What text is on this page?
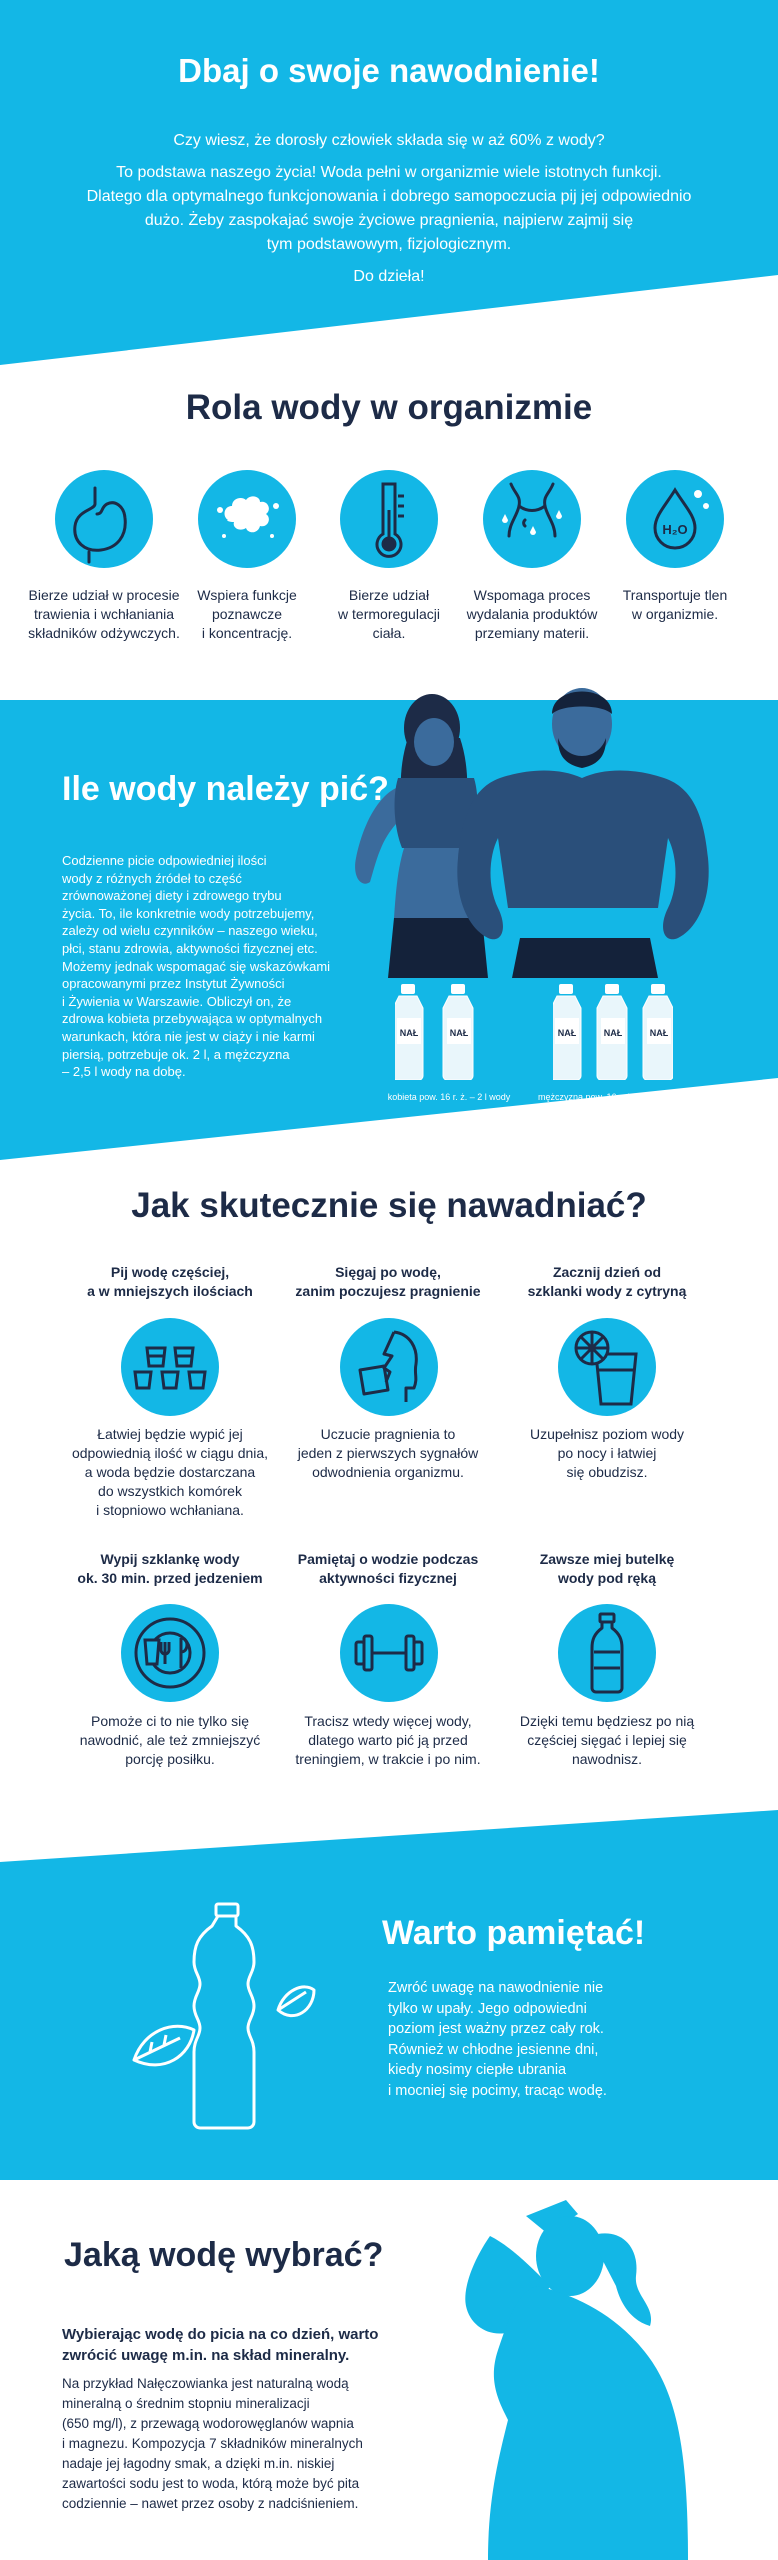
Dbaj o swoje nawodnienie!
Czy wiesz, że dorosły człowiek składa się w aż 60% z wody?
To podstawa naszego życia! Woda pełni w organizmie wiele istotnych funkcji.
Dlatego dla optymalnego funkcjonowania i dobrego samopoczucia pij jej odpowiednio
dużo. Żeby zaspokajać swoje życiowe pragnienia, najpierw zajmij się
tym podstawowym, fizjologicznym.
Do dzieła!
Rola wody w organizmie
H₂O
Bierze udział w procesie
trawienia i wchłaniania
składników odżywczych.
Wspiera funkcje
poznawcze
i koncentrację.
Bierze udział
w termoregulacji
ciała.
Wspomaga proces
wydalania produktów
przemiany materii.
Transportuje tlen
w organizmie.
Ile wody należy pić?
Codzienne picie odpowiedniej ilości
wody z różnych źródeł to część
zrównoważonej diety i zdrowego trybu
życia. To, ile konkretnie wody potrzebujemy,
zależy od wielu czynników – naszego wieku,
płci, stanu zdrowia, aktywności fizycznej etc.
Możemy jednak wspomagać się wskazówkami
opracowanymi przez Instytut Żywności
i Żywienia w Warszawie. Obliczył on, że
zdrowa kobieta przebywająca w optymalnych
warunkach, która nie jest w ciąży i nie karmi
piersią, potrzebuje ok. 2 l, a mężczyzna
– 2,5 l wody na dobę.
NAŁ	NAŁ	NAŁ	NAŁ	NAŁ
kobieta pow. 16 r. ż. – 2 l wody	mężczyzna pow. 16 r. ż. – 2,5 l wody
Jak skutecznie się nawadniać?
Pij wodę częściej,
a w mniejszych ilościach
Sięgaj po wodę,
zanim poczujesz pragnienie
Zacznij dzień od
szklanki wody z cytryną
Łatwiej będzie wypić jej
odpowiednią ilość w ciągu dnia,
a woda będzie dostarczana
do wszystkich komórek
i stopniowo wchłaniana.
Uczucie pragnienia to
jeden z pierwszych sygnałów
odwodnienia organizmu.
Uzupełnisz poziom wody
po nocy i łatwiej
się obudzisz.
Wypij szklankę wody
ok. 30 min. przed jedzeniem
Pamiętaj o wodzie podczas
aktywności fizycznej
Zawsze miej butelkę
wody pod ręką
Pomoże ci to nie tylko się
nawodnić, ale też zmniejszyć
porcję posiłku.
Tracisz wtedy więcej wody,
dlatego warto pić ją przed
treningiem, w trakcie i po nim.
Dzięki temu będziesz po nią
częściej sięgać i lepiej się
nawodnisz.
Warto pamiętać!
Zwróć uwagę na nawodnienie nie
tylko w upały. Jego odpowiedni
poziom jest ważny przez cały rok.
Również w chłodne jesienne dni,
kiedy nosimy ciepłe ubrania
i mocniej się pocimy, tracąc wodę.
Jaką wodę wybrać?
Wybierając wodę do picia na co dzień, warto
zwrócić uwagę m.in. na skład mineralny.
Na przykład Nałęczowianka jest naturalną wodą
mineralną o średnim stopniu mineralizacji
(650 mg/l), z przewagą wodorowęglanów wapnia
i magnezu. Kompozycja 7 składników mineralnych
nadaje jej łagodny smak, a dzięki m.in. niskiej
zawartości sodu jest to woda, którą może być pita
codziennie – nawet przez osoby z nadciśnieniem.
